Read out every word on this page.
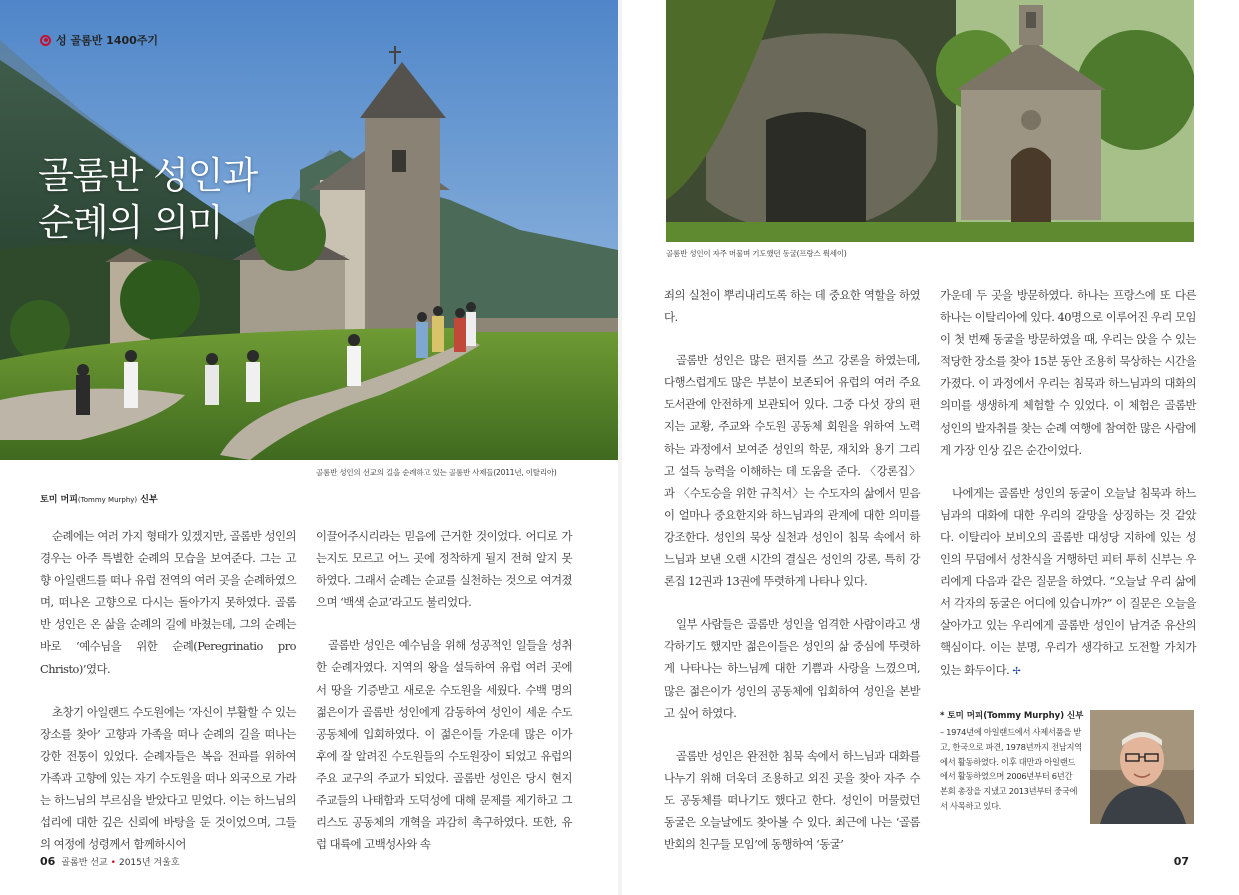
성 골롬반 1400주기
골롬반 성인과
순례의 의미
골롬반 성인의 선교의 길을 순례하고 있는 골롬반 사제들(2011년, 이탈리아)
토미 머피(Tommy Murphy) 신부

순례에는 여러 가지 형태가 있겠지만, 골롬반 성인의 경우는 아주 특별한 순례의 모습을 보여준다. 그는 고향 아일랜드를 떠나 유럽 전역의 여러 곳을 순례하였으며, 떠나온 고향으로 다시는 돌아가지 못하였다. 골롬반 성인은 온 삶을 순례의 길에 바쳤는데, 그의 순례는 바로 ‘예수님을 위한 순례(Peregrinatio pro Christo)’였다.

초창기 아일랜드 수도원에는 ‘자신이 부활할 수 있는 장소를 찾아’ 고향과 가족을 떠나 순례의 길을 떠나는 강한 전통이 있었다. 순례자들은 복음 전파를 위하여 가족과 고향에 있는 자기 수도원을 떠나 외국으로 가라는 하느님의 부르심을 받았다고 믿었다. 이는 하느님의 섭리에 대한 깊은 신뢰에 바탕을 둔 것이었으며, 그들의 여정에 성령께서 함께하시어

이끌어주시리라는 믿음에 근거한 것이었다. 어디로 가는지도 모르고 어느 곳에 정착하게 될지 전혀 알지 못하였다. 그래서 순례는 순교를 실천하는 것으로 여겨졌으며 ‘백색 순교’라고도 불리었다.

골롬반 성인은 예수님을 위해 성공적인 일들을 성취한 순례자였다. 지역의 왕을 설득하여 유럽 여러 곳에서 땅을 기증받고 새로운 수도원을 세웠다. 수백 명의 젊은이가 골롬반 성인에게 감동하여 성인이 세운 수도 공동체에 입회하였다. 이 젊은이들 가운데 많은 이가 후에 잘 알려진 수도원들의 수도원장이 되었고 유럽의 주요 교구의 주교가 되었다. 골롬반 성인은 당시 현지 주교들의 나태함과 도덕성에 대해 문제를 제기하고 그리스도 공동체의 개혁을 과감히 촉구하였다. 또한, 유럽 대륙에 고백성사와 속

06 골롬반 선교 • 2015년 겨울호
골롬반 성인이 자주 머물며 기도했던 동굴(프랑스 뤽세이)

죄의 실천이 뿌리내리도록 하는 데 중요한 역할을 하였다.

골롬반 성인은 많은 편지를 쓰고 강론을 하였는데, 다행스럽게도 많은 부분이 보존되어 유럽의 여러 주요 도서관에 안전하게 보관되어 있다. 그중 다섯 장의 편지는 교황, 주교와 수도원 공동체 회원을 위하여 노력하는 과정에서 보여준 성인의 학문, 재치와 용기 그리고 설득 능력을 이해하는 데 도움을 준다. 〈강론집〉과 〈수도승을 위한 규칙서〉는 수도자의 삶에서 믿음이 얼마나 중요한지와 하느님과의 관계에 대한 의미를 강조한다. 성인의 묵상 실천과 성인이 침묵 속에서 하느님과 보낸 오랜 시간의 결실은 성인의 강론, 특히 강론집 12권과 13권에 뚜렷하게 나타나 있다.

일부 사람들은 골롬반 성인을 엄격한 사람이라고 생각하기도 했지만 젊은이들은 성인의 삶 중심에 뚜렷하게 나타나는 하느님께 대한 기쁨과 사랑을 느꼈으며, 많은 젊은이가 성인의 공동체에 입회하여 성인을 본받고 싶어 하였다.

골롬반 성인은 완전한 침묵 속에서 하느님과 대화를 나누기 위해 더욱더 조용하고 외진 곳을 찾아 자주 수도 공동체를 떠나기도 했다고 한다. 성인이 머물렀던 동굴은 오늘날에도 찾아볼 수 있다. 최근에 나는 ‘골롬반회의 친구들 모임’에 동행하여 ‘동굴’

가운데 두 곳을 방문하였다. 하나는 프랑스에 또 다른 하나는 이탈리아에 있다. 40명으로 이루어진 우리 모임이 첫 번째 동굴을 방문하였을 때, 우리는 앉을 수 있는 적당한 장소를 찾아 15분 동안 조용히 묵상하는 시간을 가졌다. 이 과정에서 우리는 침묵과 하느님과의 대화의 의미를 생생하게 체험할 수 있었다. 이 체험은 골롬반 성인의 발자취를 찾는 순례 여행에 참여한 많은 사람에게 가장 인상 깊은 순간이었다.

나에게는 골롬반 성인의 동굴이 오늘날 침묵과 하느님과의 대화에 대한 우리의 갈망을 상징하는 것 같았다. 이탈리아 보비오의 골롬반 대성당 지하에 있는 성인의 무덤에서 성찬식을 거행하던 피터 투히 신부는 우리에게 다음과 같은 질문을 하였다. “오늘날 우리 삶에서 각자의 동굴은 어디에 있습니까?” 이 질문은 오늘을 살아가고 있는 우리에게 골롬반 성인이 남겨준 유산의 핵심이다. 이는 분명, 우리가 생각하고 도전할 가치가 있는 화두이다. ✢

* 토미 머피(Tommy Murphy) 신부
– 1974년에 아일랜드에서 사제서품을 받고, 한국으로 파견, 1978년까지 전남지역에서 활동하였다. 이후 대만과 아일랜드에서 활동하였으며 2006년부터 6년간 본회 총장을 지냈고 2013년부터 중국에서 사목하고 있다.
07
